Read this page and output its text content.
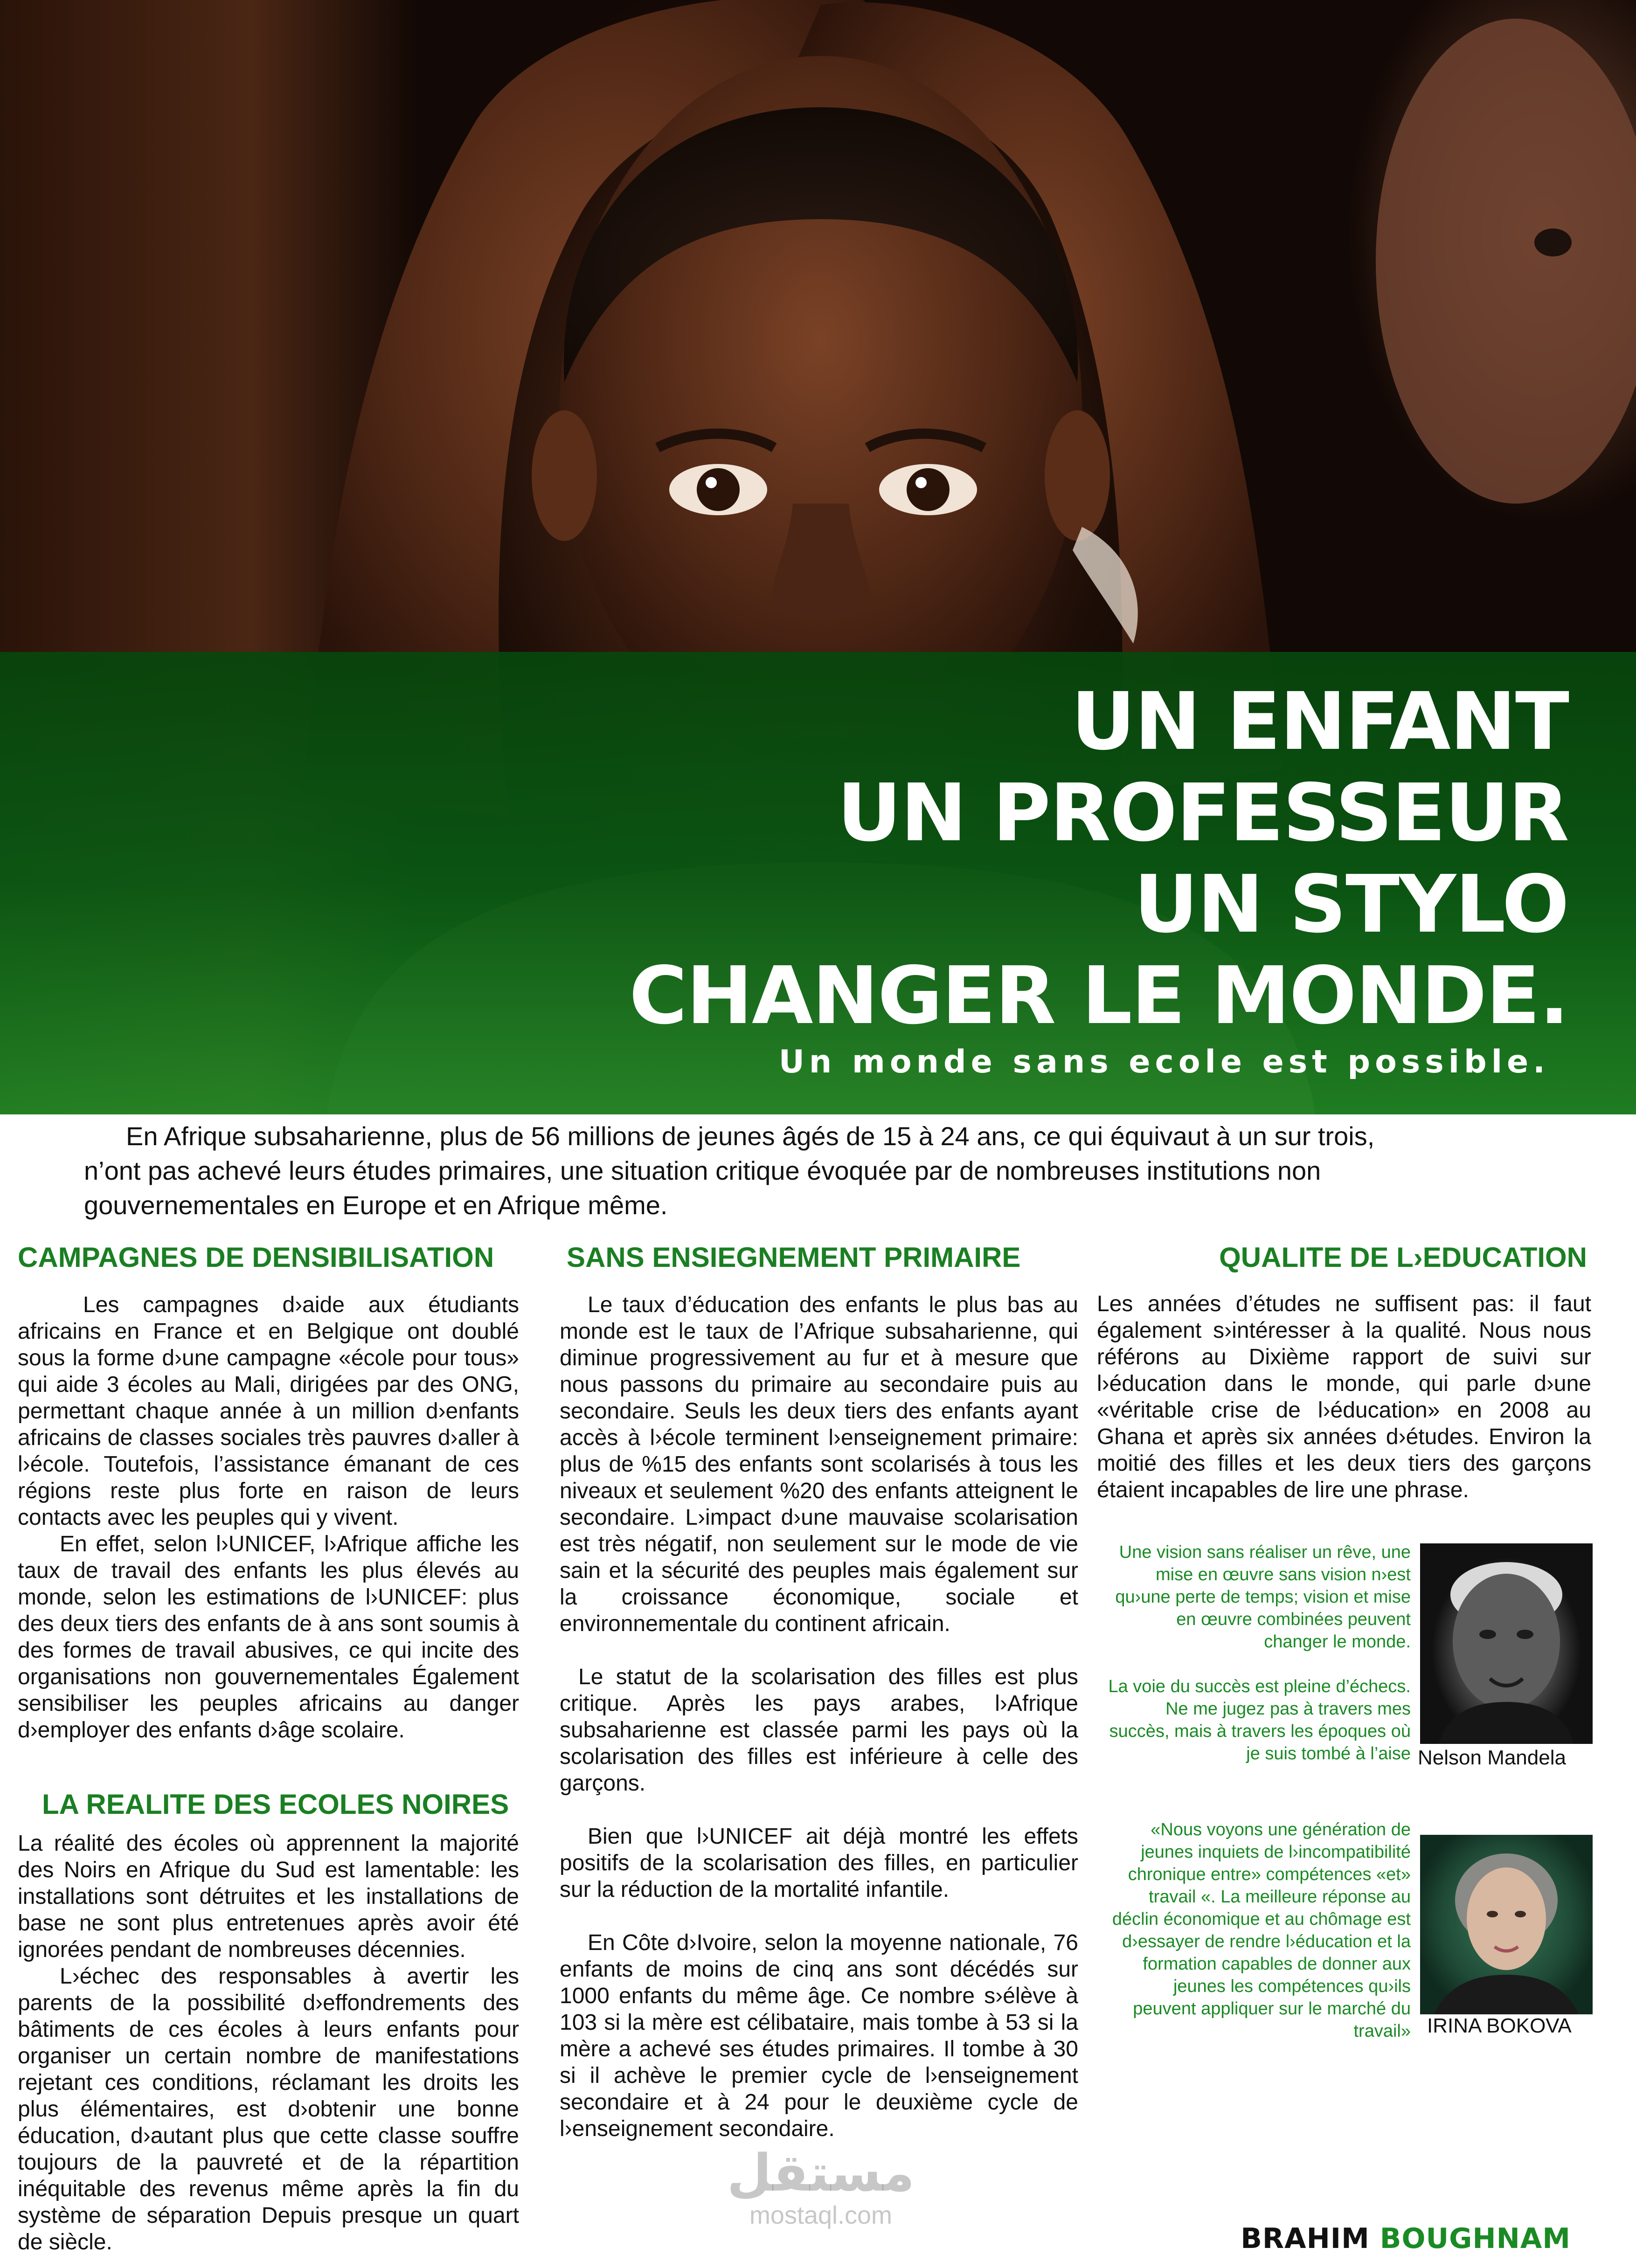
UN ENFANT
UN PROFESSEUR
UN STYLO
CHANGER LE MONDE.
Un monde sans ecole est possible.
En Afrique subsaharienne, plus de 56 millions de jeunes âgés de 15 à 24 ans, ce qui équivaut à un sur trois,
n’ont pas achevé leurs études primaires, une situation critique évoquée par de nombreuses institutions non
gouvernementales en Europe et en Afrique même.
CAMPAGNES DE DENSIBILISATION	SANS ENSIEGNEMENT PRIMAIRE	QUALITE DE L›EDUCATION

Les campagnes d›aide aux étudiants africains en France et en Belgique ont doublé sous la forme d›une campagne «école pour tous» qui aide 3 écoles au Mali, dirigées par des ONG, permettant chaque année à un million d›enfants africains de classes sociales très pauvres d›aller à l›école. Toutefois, l’assistance émanant de ces régions reste plus forte en raison de leurs contacts avec les peuples qui y vivent.

En effet, selon l›UNICEF, l›Afrique affiche les taux de travail des enfants les plus élevés au monde, selon les estimations de l›UNICEF: plus des deux tiers des enfants de à ans sont soumis à des formes de travail abusives, ce qui incite des organisations non gouvernementales Également sensibiliser les peuples africains au danger d›employer des enfants d›âge scolaire.

LA REALITE DES ECOLES NOIRES

La réalité des écoles où apprennent la majorité des Noirs en Afrique du Sud est lamentable: les installations sont détruites et les installations de base ne sont plus entretenues après avoir été ignorées pendant de nombreuses décennies.

L›échec des responsables à avertir les parents de la possibilité d›effondrements des bâtiments de ces écoles à leurs enfants pour organiser un certain nombre de manifestations rejetant ces conditions, réclamant les droits les plus élémentaires, est d›obtenir une bonne éducation, d›autant plus que cette classe souffre toujours de la pauvreté et de la répartition inéquitable des revenus même après la fin du système de séparation Depuis presque un quart de siècle.

Le taux d’éducation des enfants le plus bas au monde est le taux de l’Afrique subsaharienne, qui diminue progressivement au fur et à mesure que nous passons du primaire au secondaire puis au secondaire. Seuls les deux tiers des enfants ayant accès à l›école terminent l›enseignement primaire: plus de %15 des enfants sont scolarisés à tous les niveaux et seulement %20 des enfants atteignent le secondaire. L›impact d›une mauvaise scolarisation est très négatif, non seulement sur le mode de vie sain et la sécurité des peuples mais également sur la croissance économique, sociale et environnementale du continent africain.

Le statut de la scolarisation des filles est plus critique. Après les pays arabes, l›Afrique subsaharienne est classée parmi les pays où la scolarisation des filles est inférieure à celle des garçons.

Bien que l›UNICEF ait déjà montré les effets positifs de la scolarisation des filles, en particulier sur la réduction de la mortalité infantile.

En Côte d›Ivoire, selon la moyenne nationale, 76 enfants de moins de cinq ans sont décédés sur 1000 enfants du même âge. Ce nombre s›élève à 103 si la mère est célibataire, mais tombe à 53 si la mère a achevé ses études primaires. Il tombe à 30 si il achève le premier cycle de l›enseignement secondaire et à 24 pour le deuxième cycle de l›enseignement secondaire.

Les années d’études ne suffisent pas: il faut également s›intéresser à la qualité. Nous nous référons au Dixième rapport de suivi sur l›éducation dans le monde, qui parle d›une «véritable crise de l›éducation» en 2008 au Ghana et après six années d›études. Environ la moitié des filles et les deux tiers des garçons étaient incapables de lire une phrase.

Une vision sans réaliser un rêve, une mise en œuvre sans vision n›est qu›une perte de temps; vision et mise en œuvre combinées peuvent changer le monde.

La voie du succès est pleine d’échecs. Ne me jugez pas à travers mes succès, mais à travers les époques où je suis tombé à l’aise Nelson Mandela

«Nous voyons une génération de jeunes inquiets de l›incompatibilité chronique entre» compétences «et» travail «. La meilleure réponse au déclin économique et au chômage est d›essayer de rendre l›éducation et la formation capables de donner aux jeunes les compétences qu›ils peuvent appliquer sur le marché du travail» IRINA BOKOVA
مستقل
mostaql.com
BRAHIM BOUGHNAM
